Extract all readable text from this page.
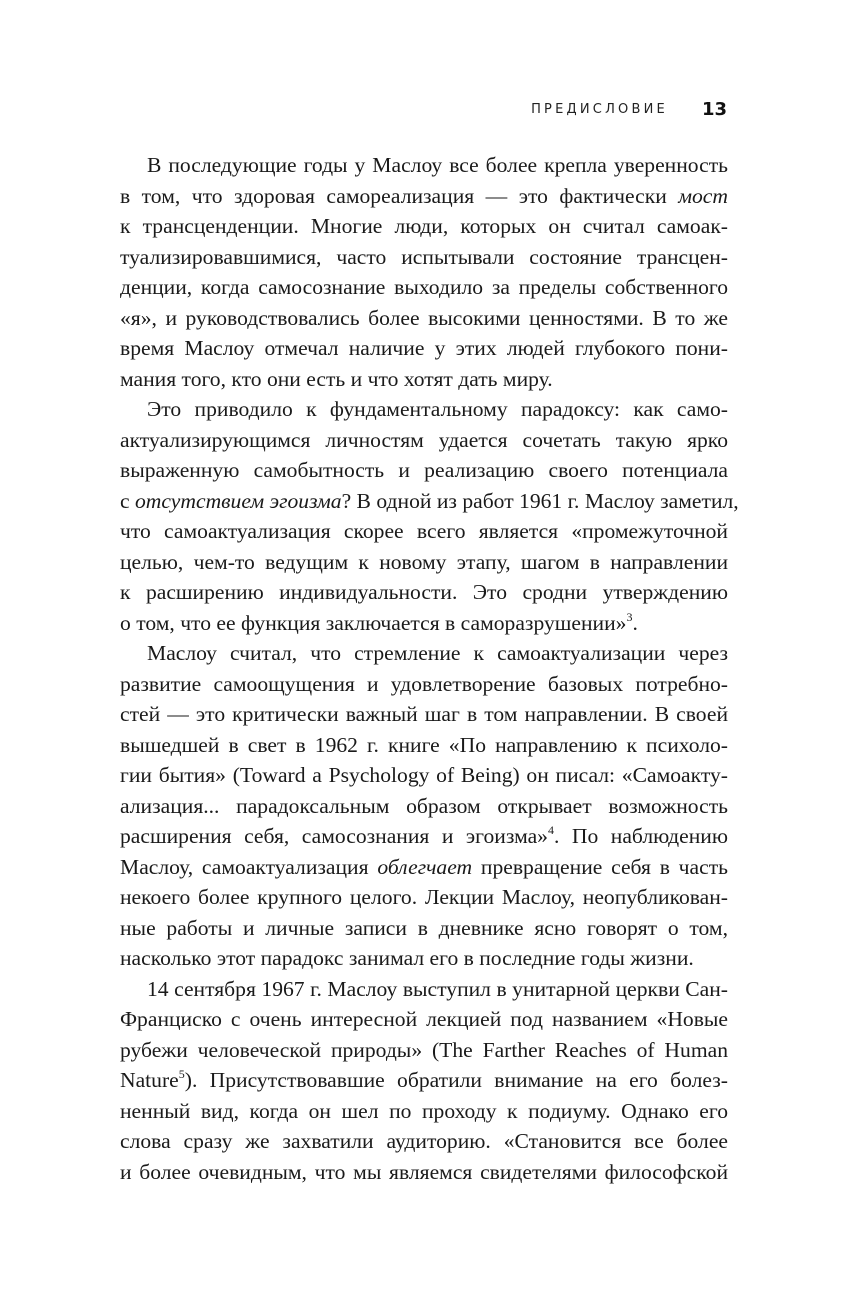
ПРЕДИСЛОВИЕ 13
В последующие годы у Маслоу все более крепла уверенность
в том, что здоровая самореализация — это фактически мост
к трансценденции. Многие люди, которых он считал самоак-
туализировавшимися, часто испытывали состояние трансцен-
денции, когда самосознание выходило за пределы собственного
«я», и руководствовались более высокими ценностями. В то же
время Маслоу отмечал наличие у этих людей глубокого пони-
мания того, кто они есть и что хотят дать миру.
Это приводило к фундаментальному парадоксу: как само-
актуализирующимся личностям удается сочетать такую ярко
выраженную самобытность и реализацию своего потенциала
с отсутствием эгоизма? В одной из работ 1961 г. Маслоу заметил,
что самоактуализация скорее всего является «промежуточной
целью, чем-то ведущим к новому этапу, шагом в направлении
к расширению индивидуальности. Это сродни утверждению
о том, что ее функция заключается в саморазрушении»$^3$.
Маслоу считал, что стремление к самоактуализации через
развитие самоощущения и удовлетворение базовых потребно-
стей — это критически важный шаг в том направлении. В своей
вышедшей в свет в 1962 г. книге «По направлению к психоло-
гии бытия» (Toward a Psychology of Being) он писал: «Самоакту-
ализация... парадоксальным образом открывает возможность
расширения себя, самосознания и эгоизма»$^4$. По наблюдению
Маслоу, самоактуализация облегчает превращение себя в часть
некоего более крупного целого. Лекции Маслоу, неопубликован-
ные работы и личные записи в дневнике ясно говорят о том,
насколько этот парадокс занимал его в последние годы жизни.
14 сентября 1967 г. Маслоу выступил в унитарной церкви Сан-
Франциско с очень интересной лекцией под названием «Новые
рубежи человеческой природы» (The Farther Reaches of Human
Nature$^5$). Присутствовавшие обратили внимание на его болез-
ненный вид, когда он шел по проходу к подиуму. Однако его
слова сразу же захватили аудиторию. «Становится все более
и более очевидным, что мы являемся свидетелями философской
